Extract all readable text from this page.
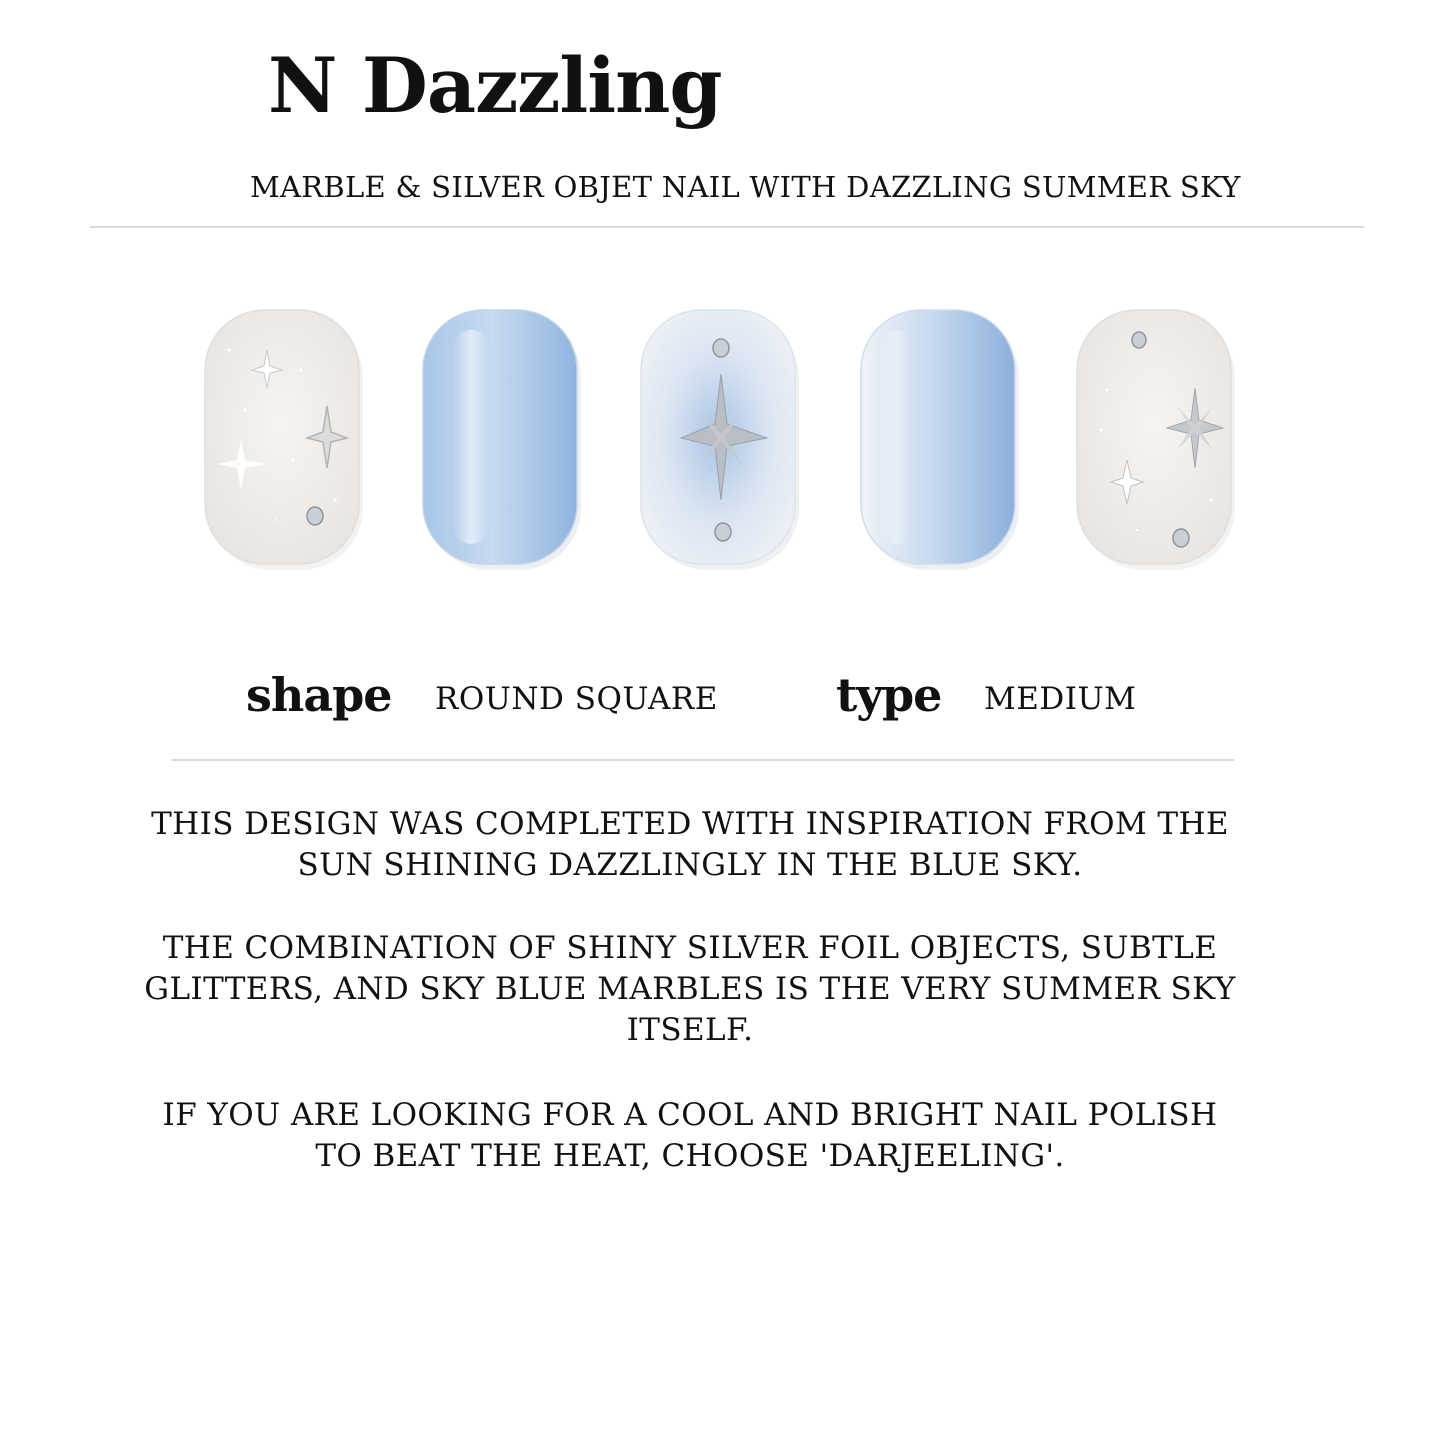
N Dazzling

MARBLE & SILVER OBJET NAIL WITH DAZZLING SUMMER SKY

shape ROUND SQUARE	type MEDIUM

THIS DESIGN WAS COMPLETED WITH INSPIRATION FROM THE SUN SHINING DAZZLINGLY IN THE BLUE SKY.

THE COMBINATION OF SHINY SILVER FOIL OBJECTS, SUBTLE GLITTERS, AND SKY BLUE MARBLES IS THE VERY SUMMER SKY ITSELF.

IF YOU ARE LOOKING FOR A COOL AND BRIGHT NAIL POLISH TO BEAT THE HEAT, CHOOSE 'DARJEELING'.
